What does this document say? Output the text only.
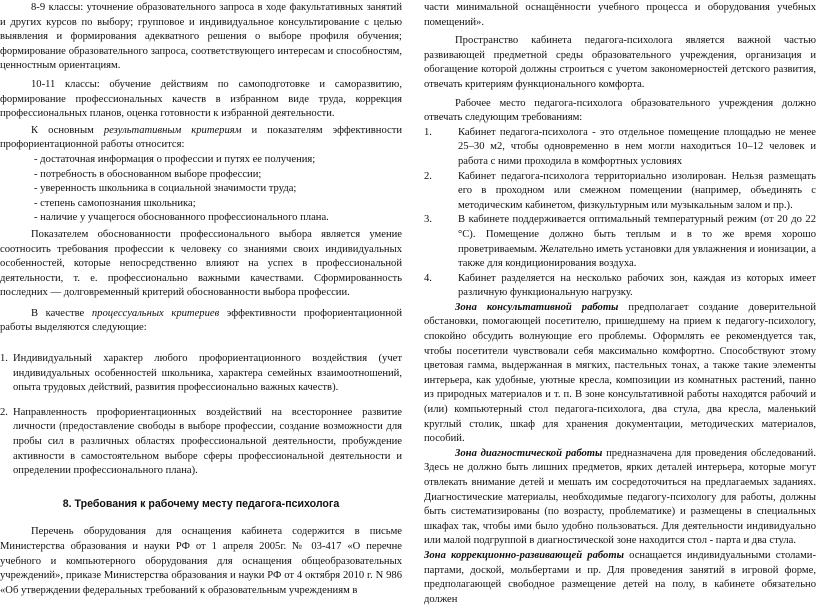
8-9 классы: уточнение образовательного запроса в ходе факультативных занятий и других курсов по выбору; групповое и индивидуальное консультирование с целью выявления и формирования адекватного решения о выборе профиля обучения; формирование образовательного запроса, соответствующего интересам и способностям, ценностным ориентациям.

10-11 классы: обучение действиям по самоподготовке и саморазвитию, формирование профессиональных качеств в избранном виде труда, коррекция профессиональных планов, оценка готовности к избранной деятельности.

К основным результативным критериям и показателям эффективности профориентационной работы относится:

- достаточная информация о профессии и путях ее получения;

- потребность в обоснованном выборе профессии;

- уверенность школьника в социальной значимости труда;

- степень самопознания школьника;

- наличие у учащегося обоснованного профессионального плана.

Показателем обоснованности профессионального выбора является умение соотносить требования профессии к человеку со знаниями своих индивидуальных особенностей, которые непосредственно влияют на успех в профессиональной деятельности, т. е. профессионально важными качествами. Сформированность последних — долговременный критерий обоснованности выбора профессии.

В качестве процессуальных критериев эффективности профориентационной работы выделяются следующие:

1. Индивидуальный характер любого профориентационного воздействия (учет индивидуальных особенностей школьника, характера семейных взаимоотношений, опыта трудовых действий, развития профессионально важных качеств).
2. Направленность профориентационных воздействий на всестороннее развитие личности (предоставление свободы в выборе профессии, создание возможности для пробы сил в различных областях профессиональной деятельности, пробуждение активности в самостоятельном выборе сферы профессиональной деятельности и определении профессионального плана).

8. Требования к рабочему месту педагога-психолога

Перечень оборудования для оснащения кабинета содержится в письме Министерства образования и науки РФ от 1 апреля 2005г. № 03-417 «О перечне учебного и компьютерного оборудования для оснащения общеобразовательных учреждений», приказе Министерства образования и науки РФ от 4 октября 2010 г. N 986 «Об утверждении федеральных требований к образовательным учреждениям в

части минимальной оснащённости учебного процесса и оборудования учебных помещений».

Пространство кабинета педагога-психолога является важной частью развивающей предметной среды образовательного учреждения, организация и обогащение которой должны строиться с учетом закономерностей детского развития, отвечать критериям функционального комфорта.

Рабочее место педагога-психолога образовательного учреждения должно отвечать следующим требованиям:

1.	Кабинет педагога-психолога - это отдельное помещение площадью не менее 25–30 м2, чтобы одновременно в нем могли находиться 10–12 человек и работа с ними проходила в комфортных условиях
2.	Кабинет педагога-психолога территориально изолирован. Нельзя размещать его в проходном или смежном помещении (например, объединять с методическим кабинетом, физкультурным или музыкальным залом и пр.).
3.	В кабинете поддерживается оптимальный температурный режим (от 20 до 22 °С). Помещение должно быть теплым и в то же время хорошо проветриваемым. Желательно иметь установки для увлажнения и ионизации, а также для кондиционирования воздуха.
4.	Кабинет разделяется на несколько рабочих зон, каждая из которых имеет различную функциональную нагрузку.

Зона консультативной работы предполагает создание доверительной обстановки, помогающей посетителю, пришедшему на прием к педагогу-психологу, спокойно обсудить волнующие его проблемы. Оформлять ее рекомендуется так, чтобы посетители чувствовали себя максимально комфортно. Способствуют этому цветовая гамма, выдержанная в мягких, пастельных тонах, а также такие элементы интерьера, как удобные, уютные кресла, композиции из комнатных растений, панно из природных материалов и т. п. В зоне консультативной работы находятся рабочий и (или) компьютерный стол педагога-психолога, два стула, два кресла, маленький круглый столик, шкаф для хранения документации, методических материалов, пособий.

Зона диагностической работы предназначена для проведения обследований. Здесь не должно быть лишних предметов, ярких деталей интерьера, которые могут отвлекать внимание детей и мешать им сосредоточиться на предлагаемых заданиях. Диагностические материалы, необходимые педагогу-психологу для работы, должны быть систематизированы (по возрасту, проблематике) и размещены в специальных шкафах так, чтобы ими было удобно пользоваться. Для деятельности индивидуально или малой подгруппой в диагностической зоне находится стол - парта и два стула.

Зона коррекционно-развивающей работы оснащается индивидуальными столами-партами, доской, мольбертами и пр. Для проведения занятий в игровой форме, предполагающей свободное размещение детей на полу, в кабинете обязательно должен
